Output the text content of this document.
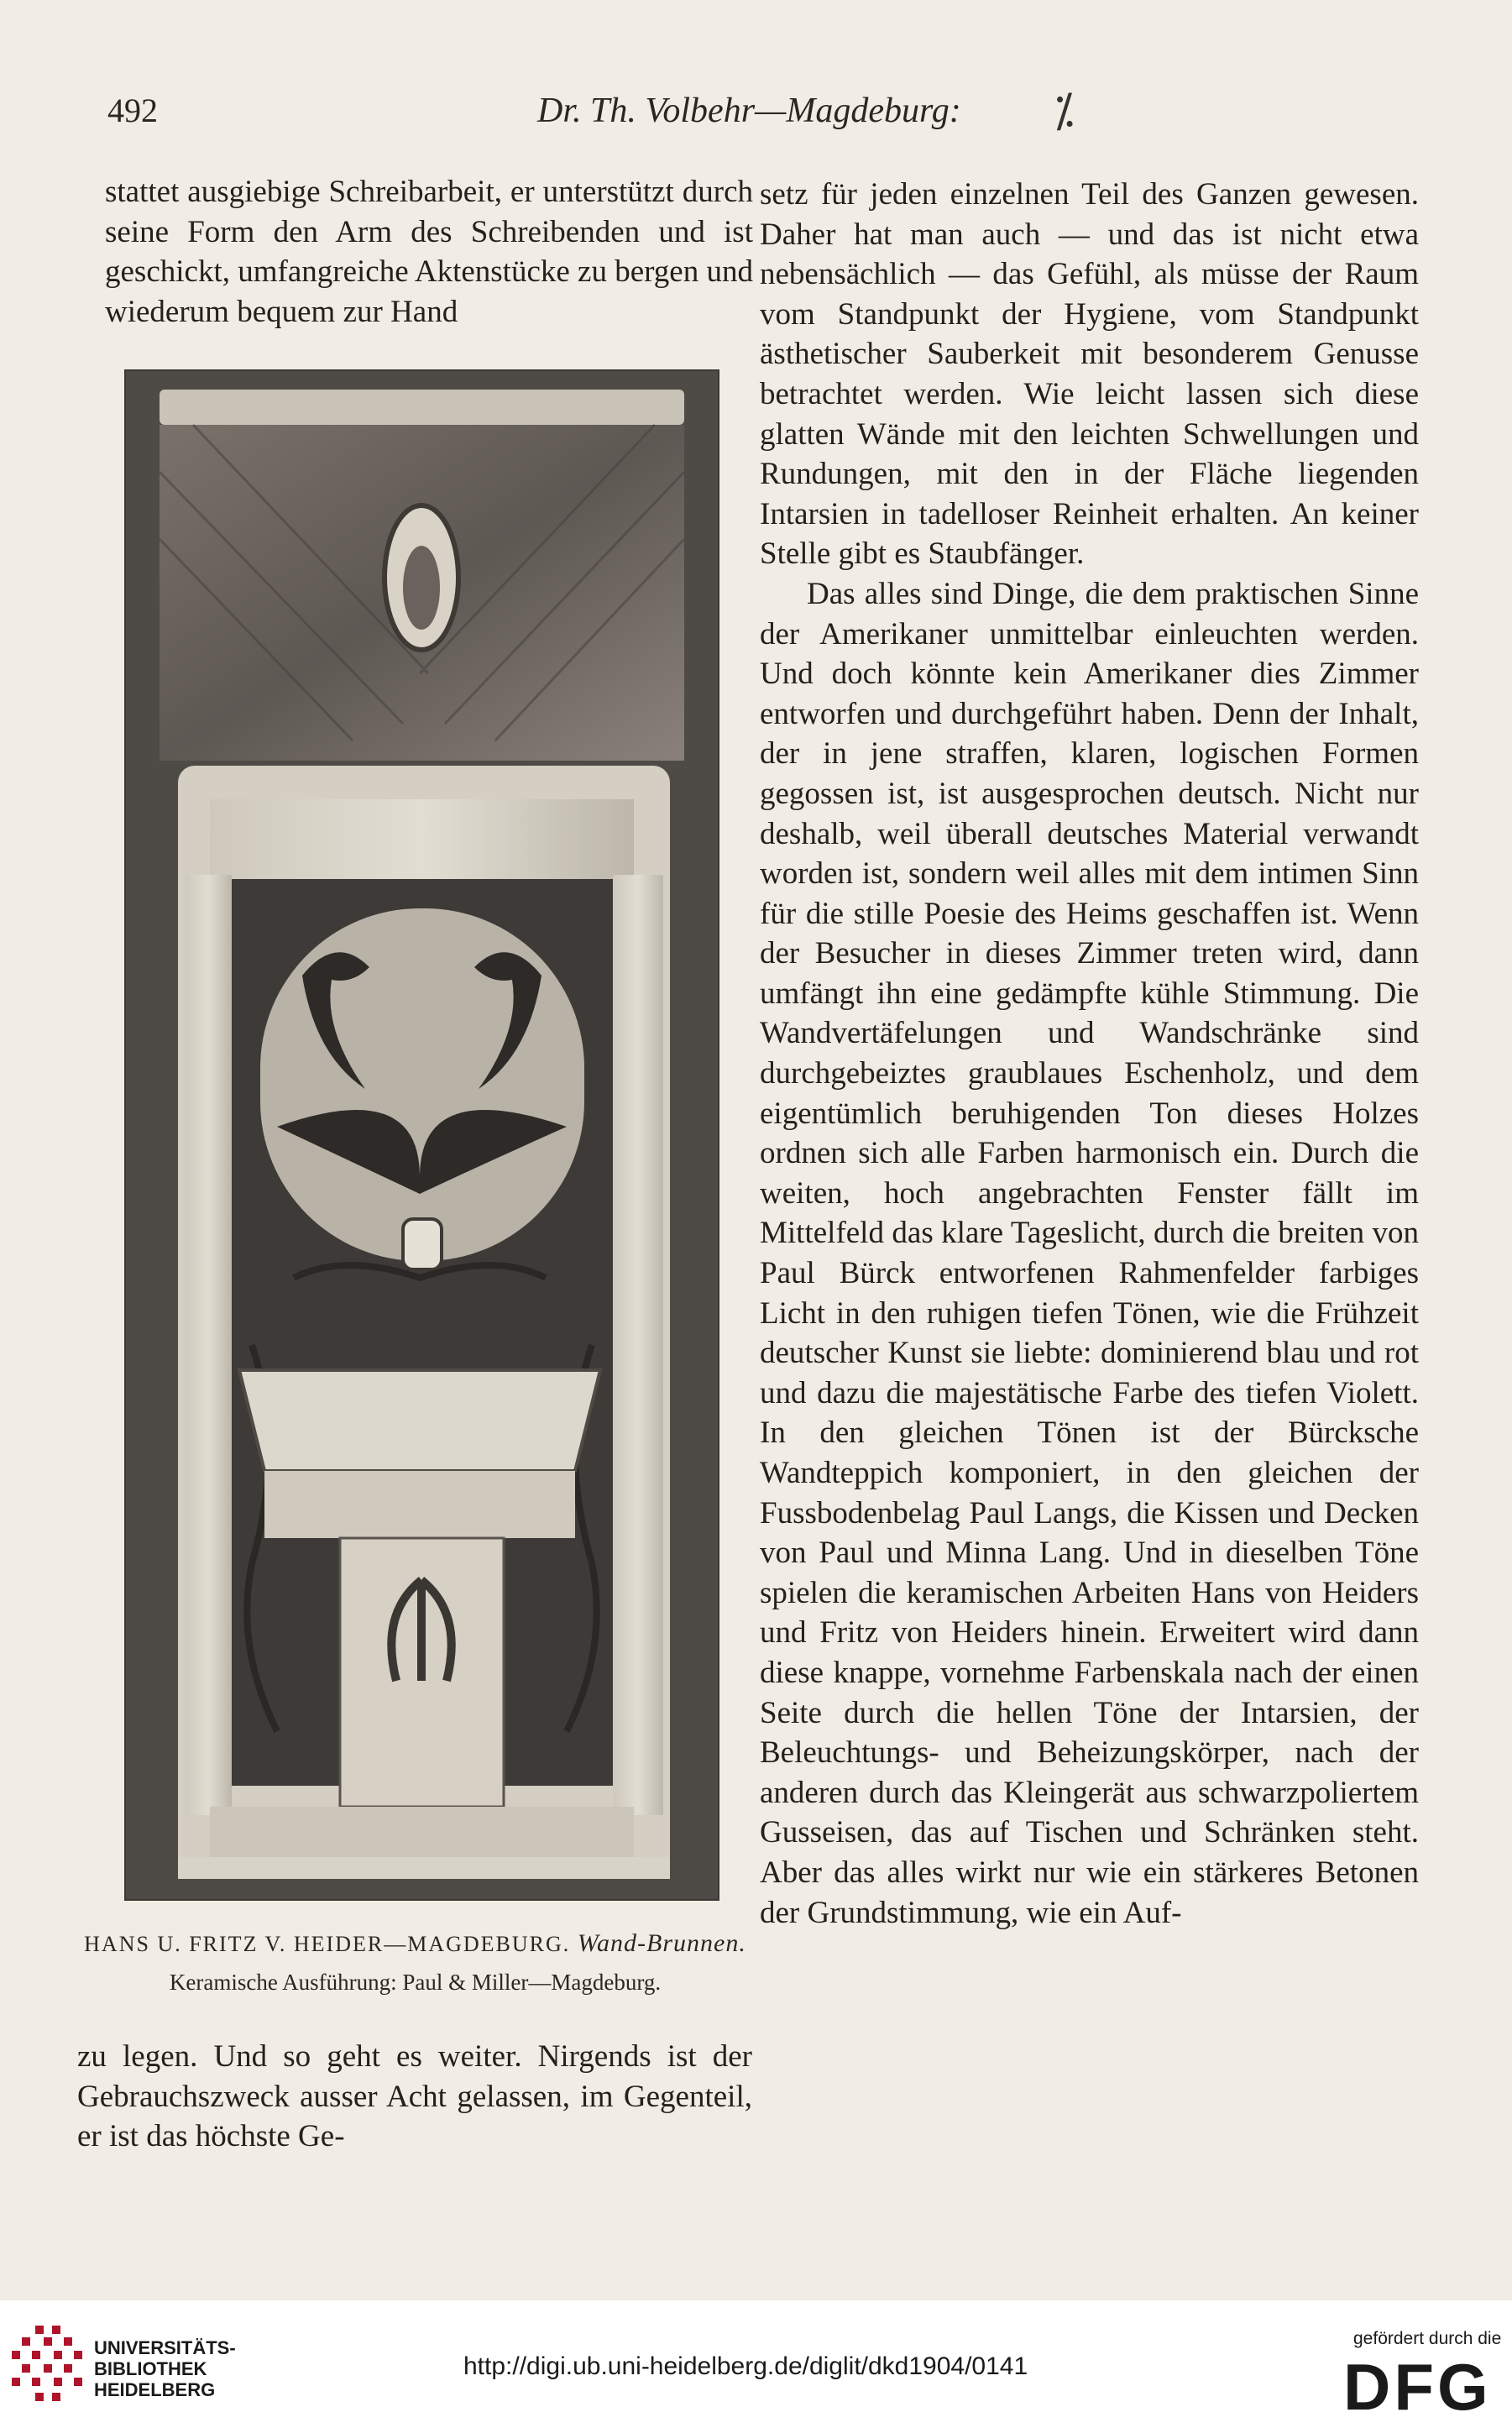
492	Dr. Th. Volbehr—Magdeburg: ⁒

stattet ausgiebige Schreibarbeit, er unterstützt durch seine Form den Arm des Schreibenden und ist geschickt, umfangreiche Aktenstücke zu bergen und wiederum bequem zur Hand

HANS U. FRITZ V. HEIDER—MAGDEBURG. Wand-Brunnen.
Keramische Ausführung: Paul & Miller—Magdeburg.

zu legen. Und so geht es weiter. Nirgends ist der Gebrauchszweck ausser Acht gelassen, im Gegenteil, er ist das höchste Ge-

setz für jeden einzelnen Teil des Ganzen gewesen. Daher hat man auch — und das ist nicht etwa nebensächlich — das Gefühl, als müsse der Raum vom Standpunkt der Hygiene, vom Standpunkt ästhetischer Sauberkeit mit besonderem Genusse betrachtet werden. Wie leicht lassen sich diese glatten Wände mit den leichten Schwellungen und Rundungen, mit den in der Fläche liegenden Intarsien in tadelloser Reinheit erhalten. An keiner Stelle gibt es Staubfänger.

Das alles sind Dinge, die dem praktischen Sinne der Amerikaner unmittelbar einleuchten werden. Und doch könnte kein Amerikaner dies Zimmer entworfen und durchgeführt haben. Denn der Inhalt, der in jene straffen, klaren, logischen Formen gegossen ist, ist ausgesprochen deutsch. Nicht nur deshalb, weil überall deutsches Material verwandt worden ist, sondern weil alles mit dem intimen Sinn für die stille Poesie des Heims geschaffen ist. Wenn der Besucher in dieses Zimmer treten wird, dann umfängt ihn eine gedämpfte kühle Stimmung. Die Wandvertäfelungen und Wandschränke sind durchgebeiztes graublaues Eschenholz, und dem eigentümlich beruhigenden Ton dieses Holzes ordnen sich alle Farben harmonisch ein. Durch die weiten, hoch angebrachten Fenster fällt im Mittelfeld das klare Tageslicht, durch die breiten von Paul Bürck entworfenen Rahmenfelder farbiges Licht in den ruhigen tiefen Tönen, wie die Frühzeit deutscher Kunst sie liebte: dominierend blau und rot und dazu die majestätische Farbe des tiefen Violett. In den gleichen Tönen ist der Bürcksche Wandteppich komponiert, in den gleichen der Fussbodenbelag Paul Langs, die Kissen und Decken von Paul und Minna Lang. Und in dieselben Töne spielen die keramischen Arbeiten Hans von Heiders und Fritz von Heiders hinein. Erweitert wird dann diese knappe, vornehme Farbenskala nach der einen Seite durch die hellen Töne der Intarsien, der Beleuchtungs- und Beheizungskörper, nach der anderen durch das Kleingerät aus schwarzpoliertem Gusseisen, das auf Tischen und Schränken steht. Aber das alles wirkt nur wie ein stärkeres Betonen der Grundstimmung, wie ein Auf-

UNIVERSITÄTS-
BIBLIOTHEK
HEIDELBERG
http://digi.ub.uni-heidelberg.de/diglit/dkd1904/0141
gefördert durch die
DFG
